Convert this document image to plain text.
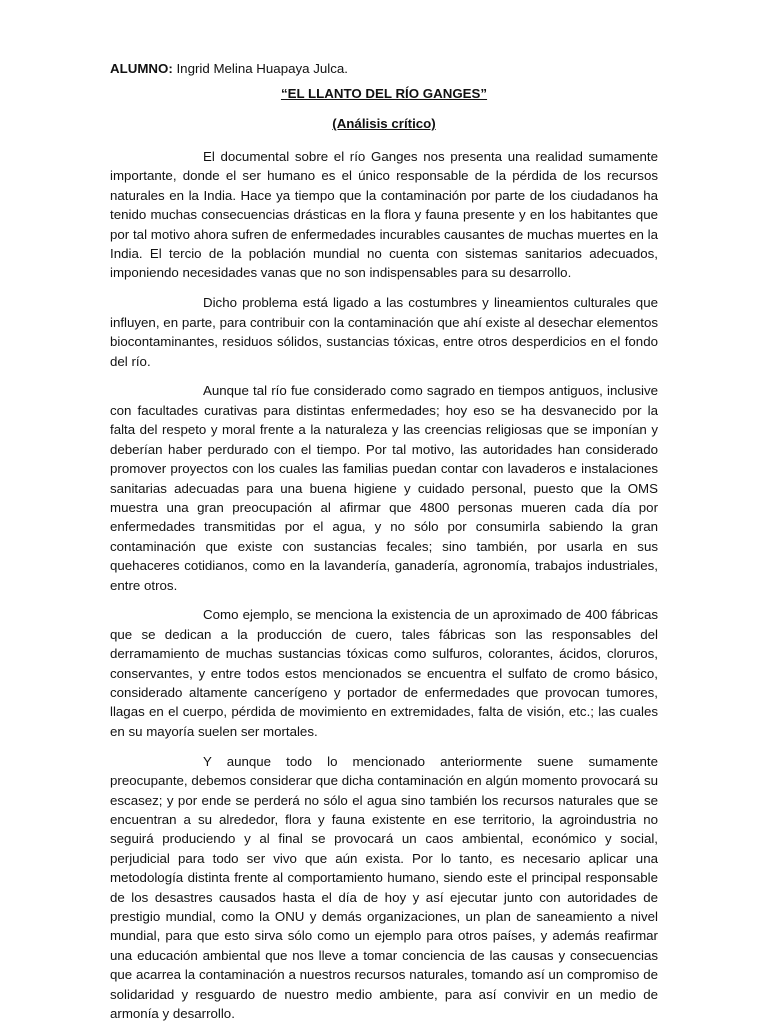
ALUMNO: Ingrid Melina Huapaya Julca.
“EL LLANTO DEL RÍO GANGES”
(Análisis crítico)

El documental sobre el río Ganges nos presenta una realidad sumamente importante, donde el ser humano es el único responsable de la pérdida de los recursos naturales en la India. Hace ya tiempo que la contaminación por parte de los ciudadanos ha tenido muchas consecuencias drásticas en la flora y fauna presente y en los habitantes que por tal motivo ahora sufren de enfermedades incurables causantes de muchas muertes en la India. El tercio de la población mundial no cuenta con sistemas sanitarios adecuados, imponiendo necesidades vanas que no son indispensables para su desarrollo.

Dicho problema está ligado a las costumbres y lineamientos culturales que influyen, en parte, para contribuir con la contaminación que ahí existe al desechar elementos biocontaminantes, residuos sólidos, sustancias tóxicas, entre otros desperdicios en el fondo del río.

Aunque tal río fue considerado como sagrado en tiempos antiguos, inclusive con facultades curativas para distintas enfermedades; hoy eso se ha desvanecido por la falta del respeto y moral frente a la naturaleza y las creencias religiosas que se imponían y deberían haber perdurado con el tiempo. Por tal motivo, las autoridades han considerado promover proyectos con los cuales las familias puedan contar con lavaderos e instalaciones sanitarias adecuadas para una buena higiene y cuidado personal, puesto que la OMS muestra una gran preocupación al afirmar que 4800 personas mueren cada día por enfermedades transmitidas por el agua, y no sólo por consumirla sabiendo la gran contaminación que existe con sustancias fecales; sino también, por usarla en sus quehaceres cotidianos, como en la lavandería, ganadería, agronomía, trabajos industriales, entre otros.

Como ejemplo, se menciona la existencia de un aproximado de 400 fábricas que se dedican a la producción de cuero, tales fábricas son las responsables del derramamiento de muchas sustancias tóxicas como sulfuros, colorantes, ácidos, cloruros, conservantes, y entre todos estos mencionados se encuentra el sulfato de cromo básico, considerado altamente cancerígeno y portador de enfermedades que provocan tumores, llagas en el cuerpo, pérdida de movimiento en extremidades, falta de visión, etc.; las cuales en su mayoría suelen ser mortales.

Y aunque todo lo mencionado anteriormente suene sumamente preocupante, debemos considerar que dicha contaminación en algún momento provocará su escasez; y por ende se perderá no sólo el agua sino también los recursos naturales que se encuentran a su alrededor, flora y fauna existente en ese territorio, la agroindustria no seguirá produciendo y al final se provocará un caos ambiental, económico y social, perjudicial para todo ser vivo que aún exista. Por lo tanto, es necesario aplicar una metodología distinta frente al comportamiento humano, siendo este el principal responsable de los desastres causados hasta el día de hoy y así ejecutar junto con autoridades de prestigio mundial, como la ONU y demás organizaciones, un plan de saneamiento a nivel mundial, para que esto sirva sólo como un ejemplo para otros países, y además reafirmar una educación ambiental que nos lleve a tomar conciencia de las causas y consecuencias que acarrea la contaminación a nuestros recursos naturales, tomando así un compromiso de solidaridad y resguardo de nuestro medio ambiente, para así convivir en un medio de armonía y desarrollo.
